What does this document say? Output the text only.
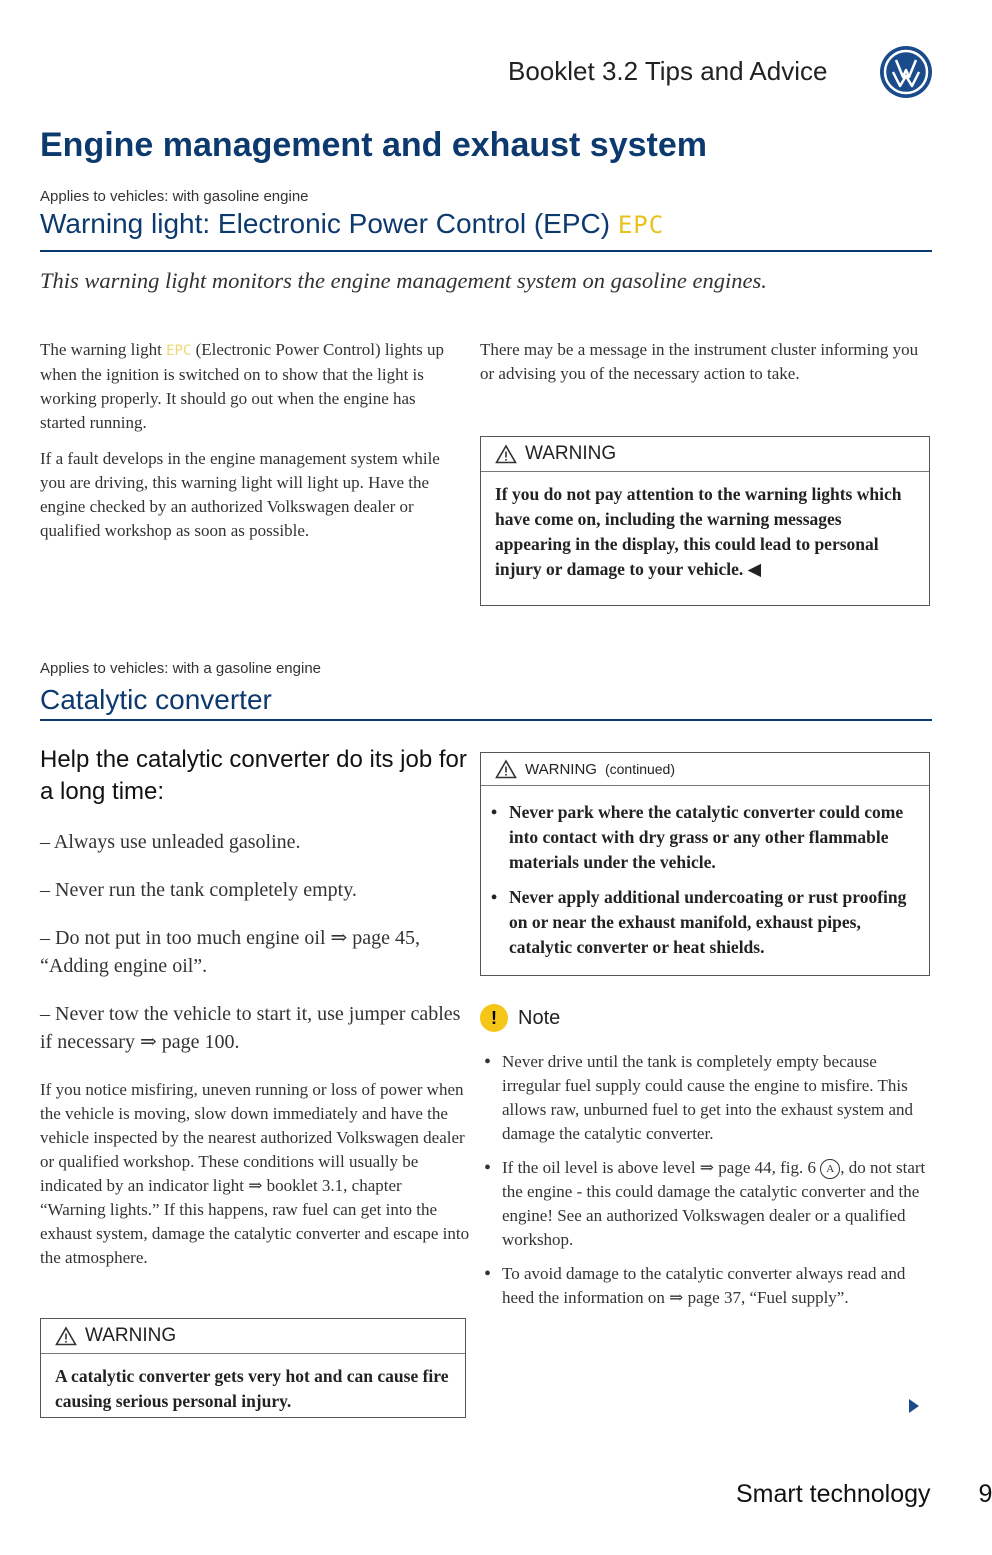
Booklet 3.2 Tips and Advice
Engine management and exhaust system
Applies to vehicles: with gasoline engine
Warning light: Electronic Power Control (EPC) EPC
This warning light monitors the engine management system on gasoline engines.

The warning light EPC (Electronic Power Control) lights up when the ignition is switched on to show that the light is working properly. It should go out when the engine has started running.

If a fault develops in the engine management system while you are driving, this warning light will light up. Have the engine checked by an authorized Volkswagen dealer or qualified workshop as soon as possible.

There may be a message in the instrument cluster informing you or advising you of the necessary action to take.

WARNING

If you do not pay attention to the warning lights which have come on, including the warning messages appearing in the display, this could lead to personal injury or damage to your vehicle. ◀

Applies to vehicles: with a gasoline engine
Catalytic converter
Help the catalytic converter do its job for a long time:

– Always use unleaded gasoline.

– Never run the tank completely empty.

– Do not put in too much engine oil ⇒ page 45, “Adding engine oil”.

– Never tow the vehicle to start it, use jumper cables if necessary ⇒ page 100.

If you notice misfiring, uneven running or loss of power when the vehicle is moving, slow down immediately and have the vehicle inspected by the nearest authorized Volkswagen dealer or qualified workshop. These conditions will usually be indicated by an indicator light ⇒ booklet 3.1, chapter “Warning lights.” If this happens, raw fuel can get into the exhaust system, damage the catalytic converter and escape into the atmosphere.

WARNING

A catalytic converter gets very hot and can cause fire causing serious personal injury.

WARNING (continued)

• Never park where the catalytic converter could come into contact with dry grass or any other flammable materials under the vehicle.

• Never apply additional undercoating or rust proofing on or near the exhaust manifold, exhaust pipes, catalytic converter or heat shields.

!	Note

• Never drive until the tank is completely empty because irregular fuel supply could cause the engine to misfire. This allows raw, unburned fuel to get into the exhaust system and damage the catalytic converter.

• If the oil level is above level ⇒ page 44, fig. 6 A , do not start the engine - this could damage the catalytic converter and the engine! See an authorized Volkswagen dealer or a qualified workshop.

• To avoid damage to the catalytic converter always read and heed the information on ⇒ page 37, “Fuel supply”.

Smart technology 9
